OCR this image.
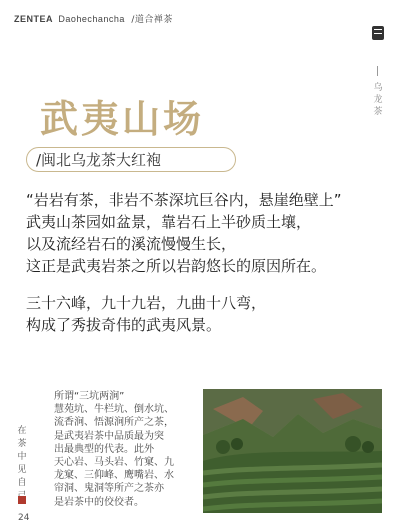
ZENTEA Daohechancha /道合禅茶
乌龙茶
武夷山场
/闽北乌龙茶大红袍
“岩岩有茶，非岩不茶深坑巨谷内，悬崖绝壁上”
武夷山茶园如盆景，靠岩石上半砂质土壤，
以及流经岩石的溪流慢慢生长，
这正是武夷岩茶之所以岩韵悠长的原因所在。
三十六峰，九十九岩，九曲十八弯，
构成了秀拔奇伟的武夷风景。
在茶中见自
所谓“三坑两涧”
慧苑坑、牛栏坑、倒水坑、
流香涧、悟源涧所产之茶，
是武夷岩茶中品质最为突
出最典型的代表。此外
天心岩、马头岩、竹窠、九
龙窠、三仰峰、鹰嘴岩、水
帘洞、鬼洞等所产之茶亦
是岩茶中的佼佼者。
24
